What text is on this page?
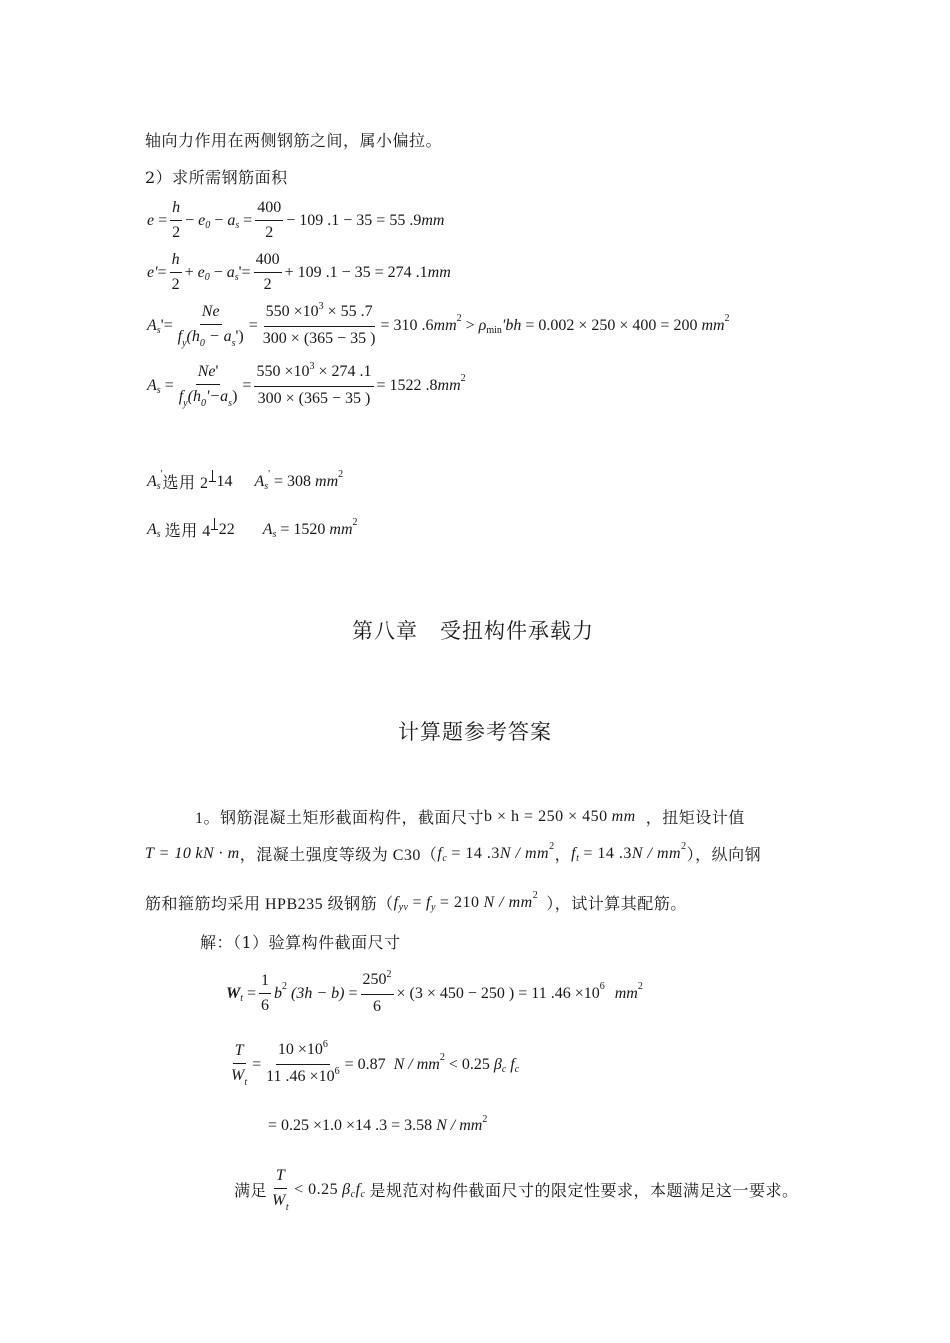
轴向力作用在两侧钢筋之间，属小偏拉。
2）求所需钢筋面积
$e = \frac{h}{2} - e$ 0 − a $s = \frac{400}{2} - 109$ .1 − 35 = 55 .9 mm
$e' = \frac{h}{2} + e$ 0 − a s ' = $\frac{400}{2} + 109$ .1 − 35 = 274 .1 mm
A s ' = $\frac{Ne}{f_y(h_0 - a_s')} = \frac{550 \times 10^3 \times 55 .7}{300 \times (365 - 35 )} = 310$ .6 mm 2 > ρ min 'bh = 0.002 × 250 × 400 = 200 mm 2
A $s = \frac{Ne'}{f_y(h_0'-a_s)} = \frac{550 \times 10^3 \times 274 .1}{300 \times (365 - 35 )} = 1522$ .8 mm 2
A s
'
选用 2 14 A s
' = 308 mm 2
A s 选用 4 22 A s = 1520 mm 2
第八章　受扭构件承载力
计算题参考答案
1。钢筋混凝土矩形截面构件，截面尺寸 b × h = 250 × 450 mm ，扭矩设计值
T = 10 kN · m ，混凝土强度等级为 C30（ f c = 14 .3 N / mm 2
， f t = 14 .3 N / mm 2
），纵向钢
筋和箍筋均采用 HPB235 级钢筋（ f yv = f y = 210 N / mm 2
），试计算其配筋。
解：（1）验算构件截面尺寸
W $t = \frac{1}{6}$ b 2 $(3h - b) = \frac{250^2}{6} \times (3 \times 450 - 250$ ) = 11 .46 ×10 6 mm 2
$\frac{T}{W_t} = \frac{10 \times 10^6}{11 .46 \times 10^6} = 0.87$ N / mm 2 < 0.25 β c f c
= 0.25 ×1.0 ×14 .3 = 3.58 N / mm 2
满足 $\frac{T}{W_t} < 0.25$ β c f c 是规范对构件截面尺寸的限定性要求，本题满足这一要求。
